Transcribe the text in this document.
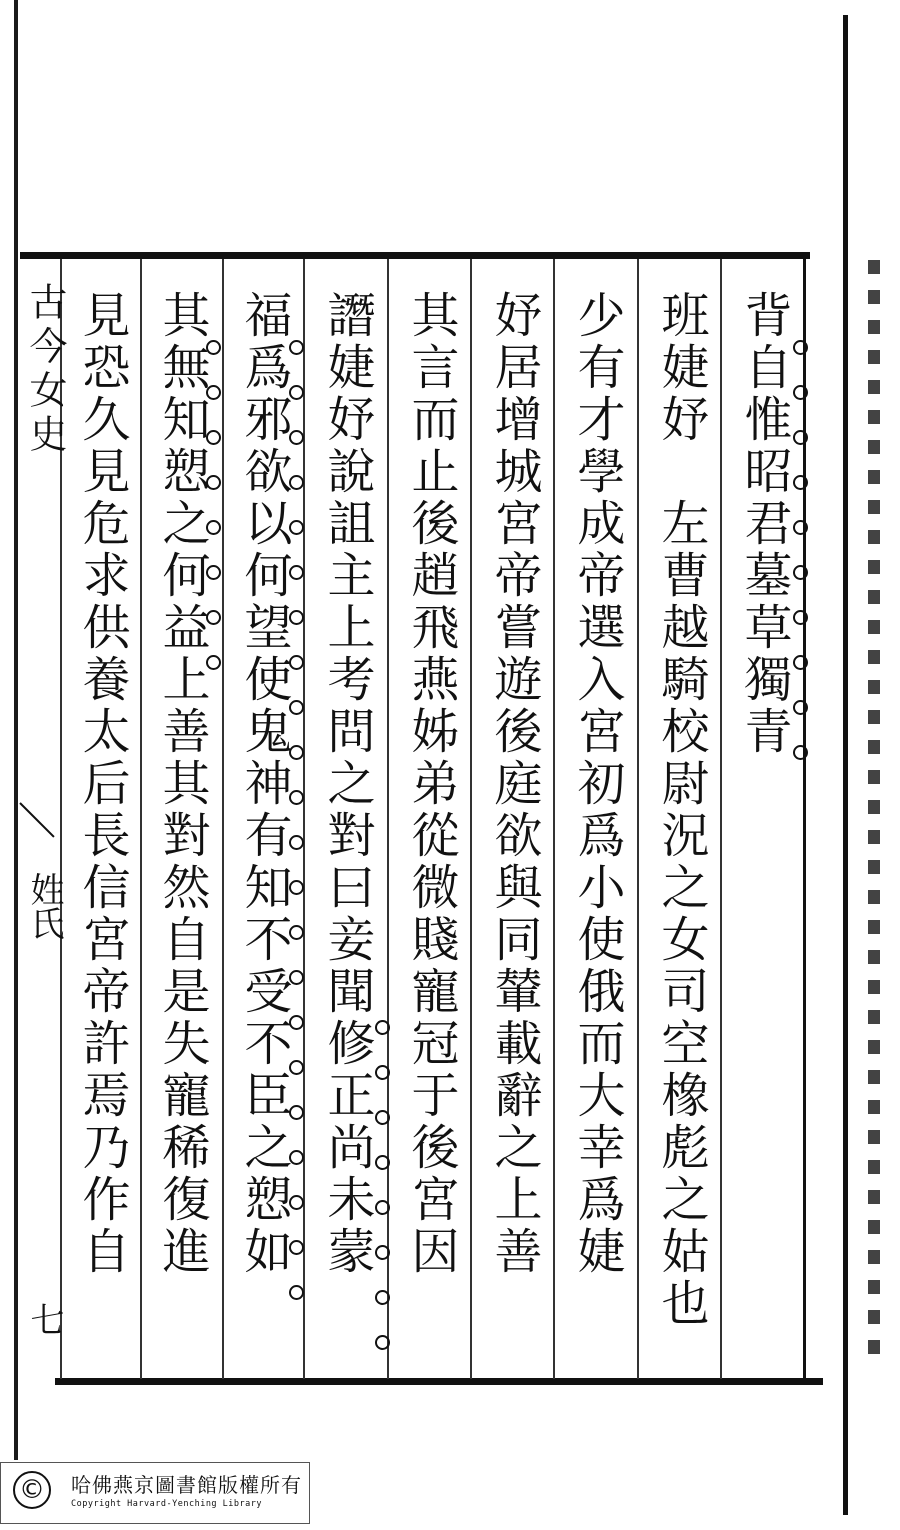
古今女史
姓氏
七
背自惟昭君墓草獨青
班婕妤　左曹越騎校尉況之女司空橡彪之姑也
少有才學成帝選入宮初爲小使俄而大幸爲婕
妤居增城宮帝嘗遊後庭欲與同輦載辭之上善
其言而止後趙飛燕姊弟從微賤寵冠于後宮因
譖婕妤說詛主上考問之對曰妾聞修正尚未蒙
福爲邪欲以何望使鬼神有知不受不臣之愬如
其無知愬之何益上善其對然自是失寵稀復進
見恐久見危求供養太后長信宮帝許焉乃作自
©	哈佛燕京圖書館版權所有
Copyright Harvard-Yenching Library
